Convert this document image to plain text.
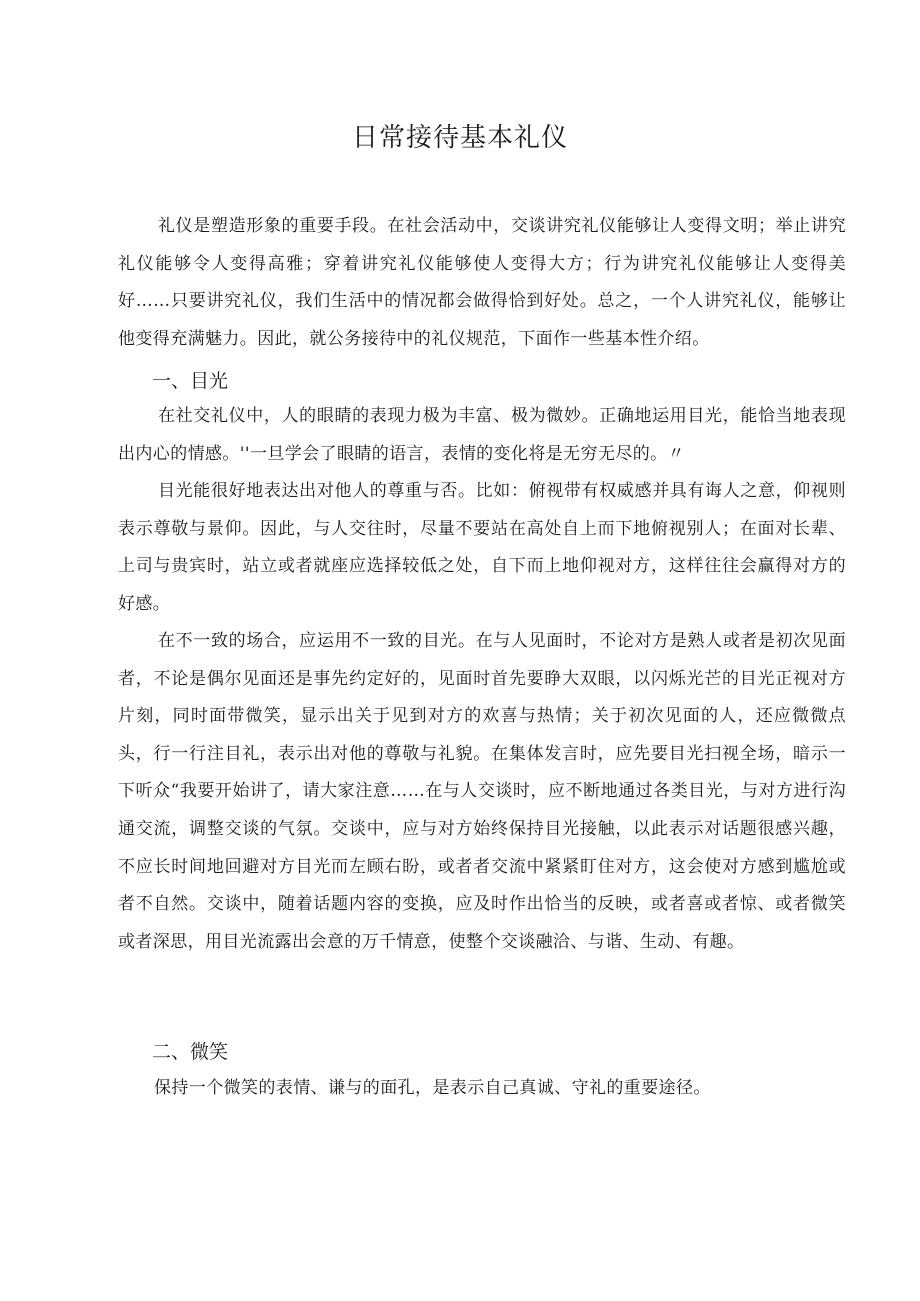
日常接待基本礼仪

礼仪是塑造形象的重要手段。在社会活动中，交谈讲究礼仪能够让人变得文明；举止讲究礼仪能够令人变得高雅；穿着讲究礼仪能够使人变得大方；行为讲究礼仪能够让人变得美好……只要讲究礼仪，我们生活中的情况都会做得恰到好处。总之，一个人讲究礼仪，能够让他变得充满魅力。因此，就公务接待中的礼仪规范，下面作一些基本性介绍。

一、目光

在社交礼仪中，人的眼睛的表现力极为丰富、极为微妙。正确地运用目光，能恰当地表现出内心的情感。''一旦学会了眼睛的语言，表情的变化将是无穷无尽的。〃

目光能很好地表达出对他人的尊重与否。比如：俯视带有权威感并具有诲人之意，仰视则表示尊敬与景仰。因此，与人交往时，尽量不要站在高处自上而下地俯视别人；在面对长辈、上司与贵宾时，站立或者就座应选择较低之处，自下而上地仰视对方，这样往往会赢得对方的好感。

在不一致的场合，应运用不一致的目光。在与人见面时，不论对方是熟人或者是初次见面者，不论是偶尔见面还是事先约定好的，见面时首先要睁大双眼，以闪烁光芒的目光正视对方片刻，同时面带微笑，显示出关于见到对方的欢喜与热情；关于初次见面的人，还应微微点头，行一行注目礼，表示出对他的尊敬与礼貌。在集体发言时，应先要目光扫视全场，暗示一下听众“我要开始讲了，请大家注意……在与人交谈时，应不断地通过各类目光，与对方进行沟通交流，调整交谈的气氛。交谈中，应与对方始终保持目光接触，以此表示对话题很感兴趣，不应长时间地回避对方目光而左顾右盼，或者者交流中紧紧盯住对方，这会使对方感到尴尬或者不自然。交谈中，随着话题内容的变换，应及时作出恰当的反映，或者喜或者惊、或者微笑或者深思，用目光流露出会意的万千情意，使整个交谈融洽、与谐、生动、有趣。

二、微笑

保持一个微笑的表情、谦与的面孔，是表示自己真诚、守礼的重要途径。
